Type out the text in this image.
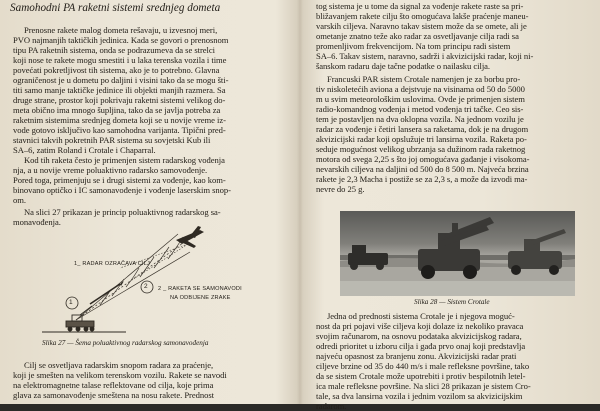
Samohodni PA raketni sistemi srednjeg dometa
Prenosne rakete malog dometa rešavaju, u izvesnoj meri,
PVO najmanjih taktičkih jedinica. Kada se govori o prenosnom
tipu PA raketnih sistema, onda se podrazumeva da se strelci
koji nose te rakete mogu smestiti i u laka terenska vozila i time
povećati pokretljivost tih sistema, ako je to potrebno. Glavna
ograničenost je u dometu po daljini i visini tako da se mogu šti-
titi samo manje taktičke jedinice ili objekti manjih razmera. Sa
druge strane, prostor koji pokrivaju raketni sistemi velikog do-
meta obično ima mnogo šupljina, tako da se javlja potreba za
raketnim sistemima srednjeg dometa koji se u novije vreme iz-
vode gotovo isključivo kao samohodna varijanta. Tipični pred-
stavnici takvih pokretnih PAR sistema su sovjetski Kub ili
SA–6, zatim Roland i Crotale i Chaparral.
Kod tih raketa često je primenjen sistem radarskog vođenja
nja, a u novije vreme poluaktivno radarsko samovođenje.
Pored toga, primenjuju se i drugi sistemi za vođenje, kao kom-
binovano optičko i IC samonavođenje i vođenje laserskim snop-
om.
Na slici 27 prikazan je princip poluaktivnog radarskog sa-
monavođenja.
1
2
1_ RADAR OZRAČAVA CILJ
2 _ RAKETA SE SAMONAVODI
NA ODBIJENE ZRAKE
Slika 27 — Šema poluaktivnog radarskog samonavođenja
Cilj se osvetljava radarskim snopom radara za praćenje,
koji je smešten na velikom terenskom vozilu. Rakete se navodi
na elektromagnetne talase reflektovane od cilja, koje prima
glava za samonavođenje smeštena na nosu rakete. Prednost
tog sistema je u tome da signal za vođenje rakete raste sa pri-
bližavanjem rakete cilju što omogućava lakše praćenje maneu-
varskih ciljeva. Naravno takav sistem može da se omete, ali je
ometanje znatno teže ako radar za osvetljavanje cilja radi sa
promenljivom frekvencijom. Na tom principu radi sistem
SA–6. Takav sistem, naravno, sadrži i akvizicijski radar, koji ni-
šanskom radaru daje tačne podatke o nailasku cilja.
Francuski PAR sistem Crotale namenjen je za borbu pro-
tiv niskoletećih aviona a dejstvuje na visinama od 50 do 5000
m u svim meteorološkim uslovima. Ovde je primenjen sistem
radio-komandnog vođenja i metod vođenja tri tačke. Ceo sis-
tem je postavljen na dva oklopna vozila. Na jednom vozilu je
radar za vođenje i četiri lansera sa raketama, dok je na drugom
akvizicijski radar koji opslužuje tri lansirna vozila. Raketa po-
seduje mogućnost velikog ubrzanja sa dužinom rada raketnog
motora od svega 2,25 s što joj omogućava gađanje i visokoma-
nevarskih ciljeva na daljini od 500 do 8 500 m. Najveća brzina
rakete je 2,3 Macha i postiže se za 2,3 s, a može da izvodi ma-
nevre do 25 g.
Slika 28 — Sistem Crotale
Jedna od prednosti sistema Crotale je i njegova moguć-
nost da pri pojavi više ciljeva koji dolaze iz nekoliko pravaca
svojim računarom, na osnovu podataka akvizicijskog radara,
odredi prioritet u izboru cilja i gađa prvo onaj koji predstavlja
najveću opasnost za branjenu zonu. Akvizicijski radar prati
ciljeve brzine od 35 do 440 m/s i male refleksne površine, tako
da se sistem Crotale može upotrebiti i protiv bespilotnih letel-
ica male refleksne površine. Na slici 28 prikazan je sistem Cro-
tale, sa dva lansirna vozila i jednim vozilom sa akvizicijskim
radarom.
